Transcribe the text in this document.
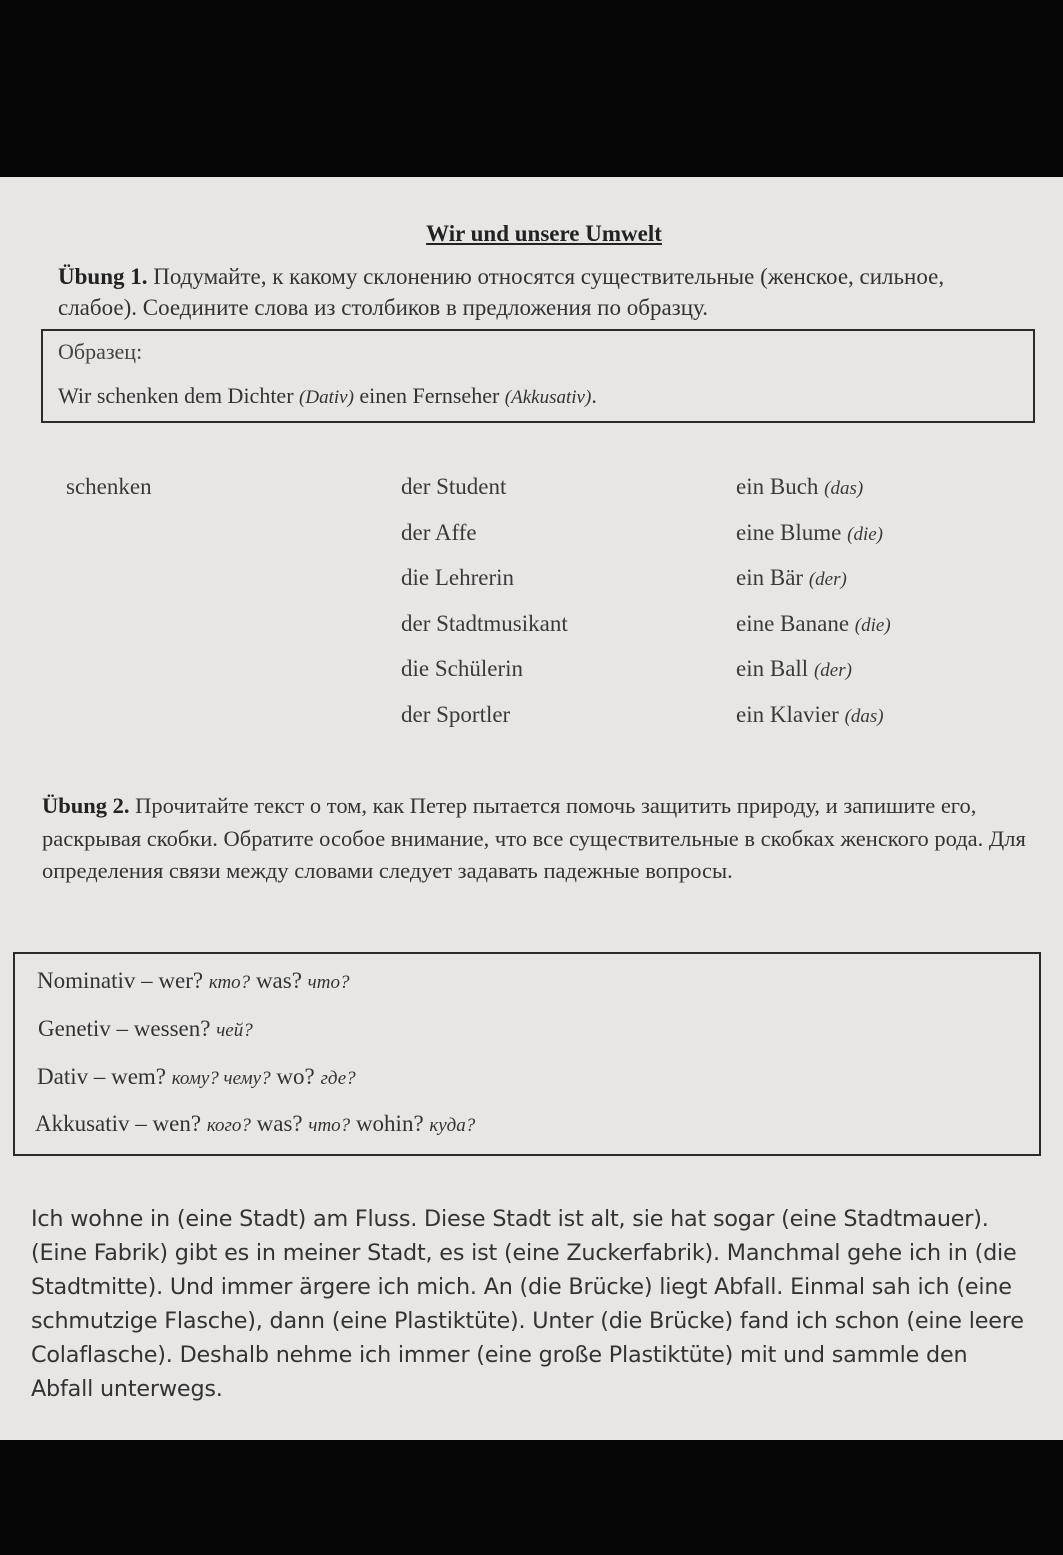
Wir und unsere Umwelt
Übung 1. Подумайте, к какому склонению относятся существительные (женское, сильное, слабое). Соедините слова из столбиков в предложения по образцу.
Образец:
Wir schenken dem Dichter (Dativ) einen Fernseher (Akkusativ).
schenken	der Student
der Affe
die Lehrerin
der Stadtmusikant
die Schülerin
der Sportler
ein Buch (das)
eine Blume (die)
ein Bär (der)
eine Banane (die)
ein Ball (der)
ein Klavier (das)
Übung 2. Прочитайте текст о том, как Петер пытается помочь защитить природу, и запишите его, раскрывая скобки. Обратите особое внимание, что все существительные в скобках женского рода. Для определения связи между словами следует задавать падежные вопросы.
Nominativ – wer? кто? was? что?
Genetiv – wessen? чей?
Dativ – wem? кому? чему? wo? где?
Akkusativ – wen? кого? was? что? wohin? куда?
Ich wohne in (eine Stadt) am Fluss. Diese Stadt ist alt, sie hat sogar (eine Stadtmauer). (Eine Fabrik) gibt es in meiner Stadt, es ist (eine Zuckerfabrik). Manchmal gehe ich in (die Stadtmitte). Und immer ärgere ich mich. An (die Brücke) liegt Abfall. Einmal sah ich (eine schmutzige Flasche), dann (eine Plastiktüte). Unter (die Brücke) fand ich schon (eine leere Colaflasche). Deshalb nehme ich immer (eine große Plastiktüte) mit und sammle den Abfall unterwegs.
